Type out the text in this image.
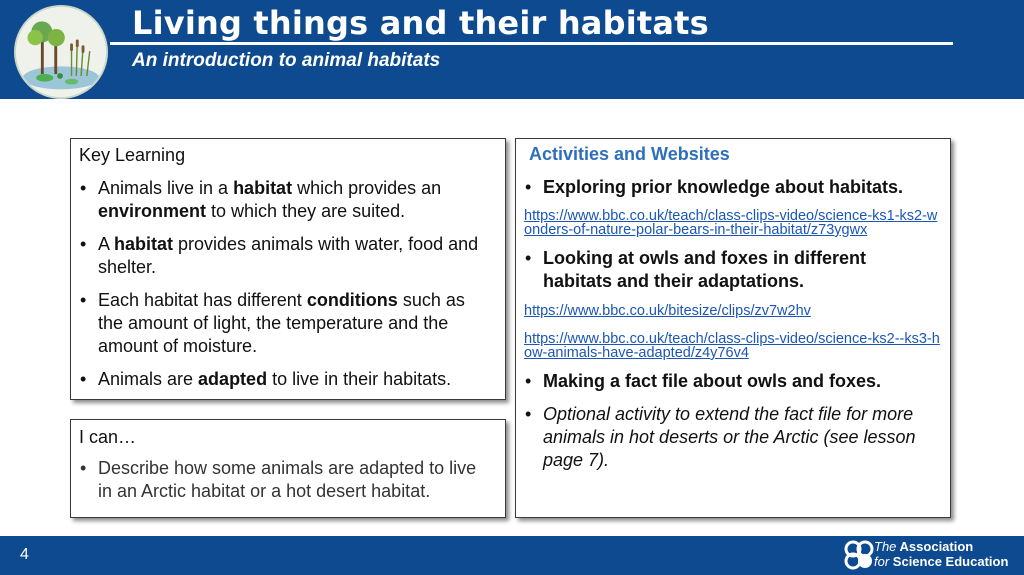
Living things and their habitats
An introduction to animal habitats
Key Learning
• Animals live in a habitat which provides an environment to which they are suited.
• A habitat provides animals with water, food and shelter.
• Each habitat has different conditions such as the amount of light, the temperature and the amount of moisture.
• Animals are adapted to live in their habitats.
I can…
• Describe how some animals are adapted to live in an Arctic habitat or a hot desert habitat.
Activities and Websites
• Exploring prior knowledge about habitats.
https://www.bbc.co.uk/teach/class-clips-video/science-ks1-ks2-wonders-of-nature-polar-bears-in-their-habitat/z73ygwx
• Looking at owls and foxes in different habitats and their adaptations.
https://www.bbc.co.uk/bitesize/clips/zv7w2hv
https://www.bbc.co.uk/teach/class-clips-video/science-ks2--ks3-how-animals-have-adapted/z4y76v4
• Making a fact file about owls and foxes.
• Optional activity to extend the fact file for more animals in hot deserts or the Arctic (see lesson page 7).
4	The Association
for Science Education
